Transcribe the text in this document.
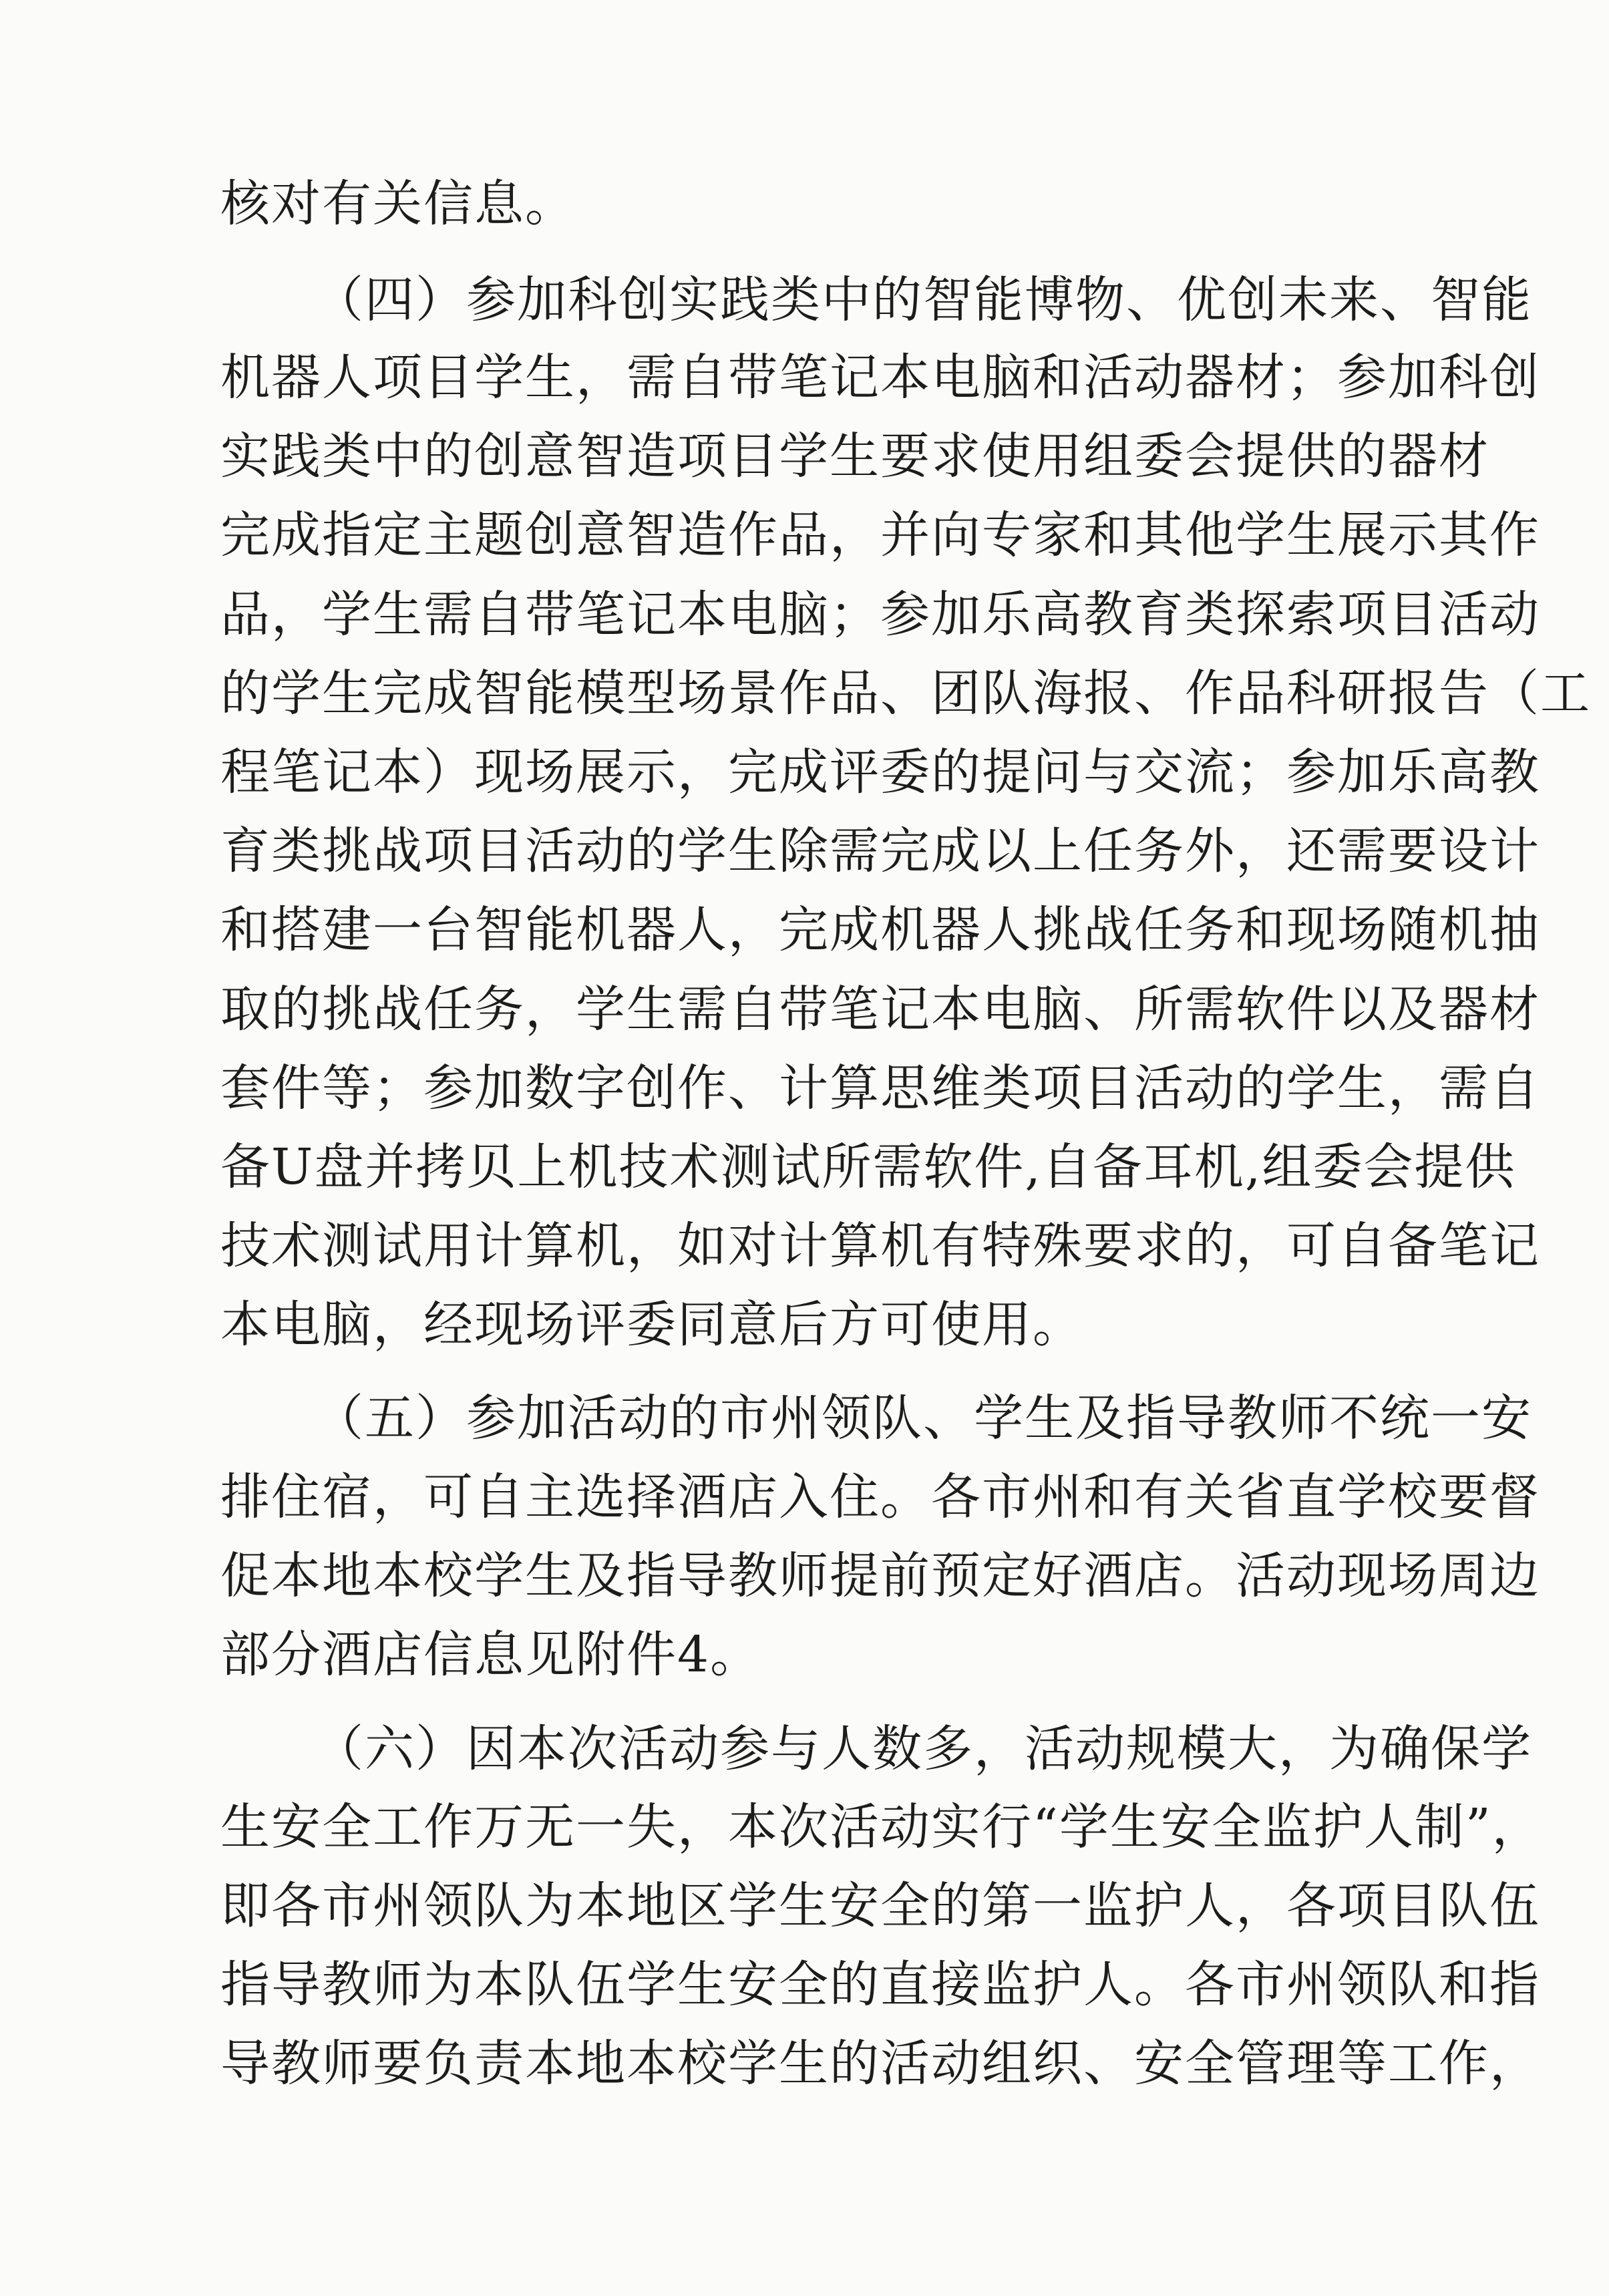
核对有关信息。
（四）参加科创实践类中的智能博物、优创未来、智能
机器人项目学生，需自带笔记本电脑和活动器材；参加科创
实践类中的创意智造项目学生要求使用组委会提供的器材
完成指定主题创意智造作品，并向专家和其他学生展示其作
品，学生需自带笔记本电脑；参加乐高教育类探索项目活动
的学生完成智能模型场景作品、团队海报、作品科研报告（工
程笔记本）现场展示，完成评委的提问与交流；参加乐高教
育类挑战项目活动的学生除需完成以上任务外，还需要设计
和搭建一台智能机器人，完成机器人挑战任务和现场随机抽
取的挑战任务，学生需自带笔记本电脑、所需软件以及器材
套件等；参加数字创作、计算思维类项目活动的学生，需自
备U盘并拷贝上机技术测试所需软件,自备耳机,组委会提供
技术测试用计算机，如对计算机有特殊要求的，可自备笔记
本电脑，经现场评委同意后方可使用。
（五）参加活动的市州领队、学生及指导教师不统一安
排住宿，可自主选择酒店入住。各市州和有关省直学校要督
促本地本校学生及指导教师提前预定好酒店。活动现场周边
部分酒店信息见附件4。
（六）因本次活动参与人数多，活动规模大，为确保学
生安全工作万无一失，本次活动实行“学生安全监护人制”，
即各市州领队为本地区学生安全的第一监护人，各项目队伍
指导教师为本队伍学生安全的直接监护人。各市州领队和指
导教师要负责本地本校学生的活动组织、安全管理等工作，
